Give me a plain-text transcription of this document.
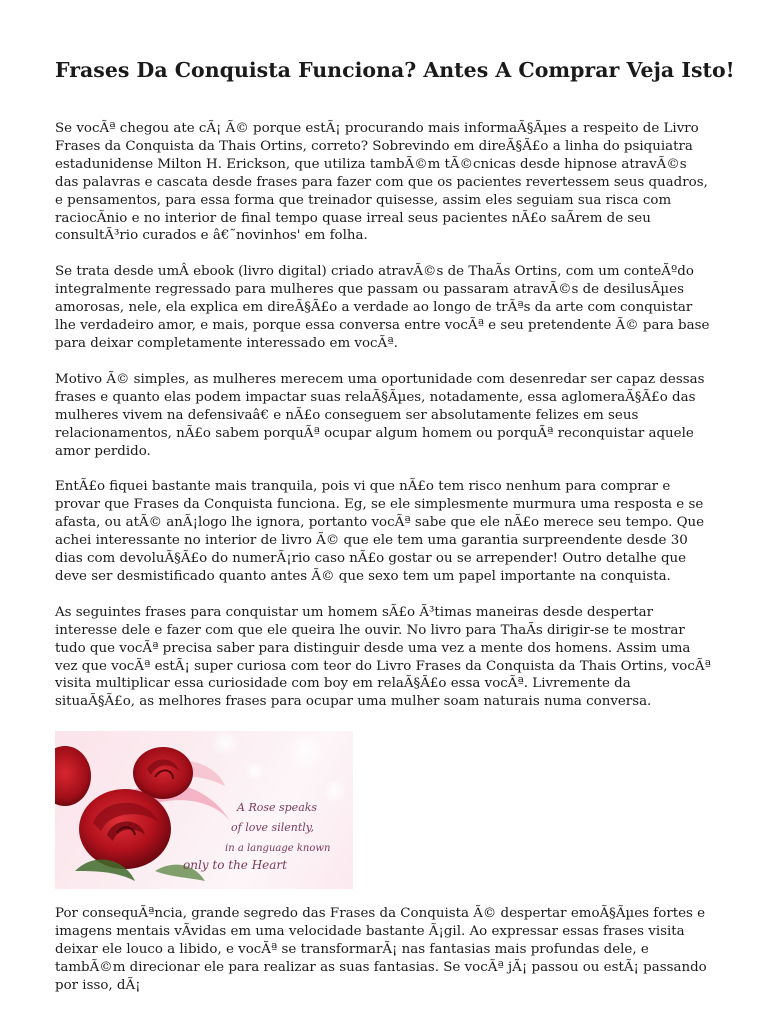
Frases Da Conquista Funciona? Antes A Comprar Veja Isto!

Se vocÃª chegou ate cÃ¡ Ã© porque estÃ¡ procurando mais informaÃ§Ãµes a respeito de Livro Frases da Conquista da Thais Ortins, correto? Sobrevindo em direÃ§Ã£o a linha do psiquiatra estadunidense Milton H. Erickson, que utiliza tambÃ©m tÃ©cnicas desde hipnose atravÃ©s das palavras e cascata desde frases para fazer com que os pacientes revertessem seus quadros, e pensamentos, para essa forma que treinador quisesse, assim eles seguiam sua risca com raciocÃnio e no interior de final tempo quase irreal seus pacientes nÃ£o saÃrem de seu consultÃ³rio curados e â€˜novinhos' em folha.

Se trata desde umÂ ebook (livro digital) criado atravÃ©s de ThaÃs Ortins, com um conteÃºdo integralmente regressado para mulheres que passam ou passaram atravÃ©s de desilusÃµes amorosas, nele, ela explica em direÃ§Ã£o a verdade ao longo de trÃªs da arte com conquistar lhe verdadeiro amor, e mais, porque essa conversa entre vocÃª e seu pretendente Ã© para base para deixar completamente interessado em vocÃª.

Motivo Ã© simples, as mulheres merecem uma oportunidade com desenredar ser capaz dessas frases e quanto elas podem impactar suas relaÃ§Ãµes, notadamente, essa aglomeraÃ§Ã£o das mulheres vivem na defensivaâ€ e nÃ£o conseguem ser absolutamente felizes em seus relacionamentos, nÃ£o sabem porquÃª ocupar algum homem ou porquÃª reconquistar aquele amor perdido.

EntÃ£o fiquei bastante mais tranquila, pois vi que nÃ£o tem risco nenhum para comprar e provar que Frases da Conquista funciona. Eg, se ele simplesmente murmura uma resposta e se afasta, ou atÃ© anÃ¡logo lhe ignora, portanto vocÃª sabe que ele nÃ£o merece seu tempo. Que achei interessante no interior de livro Ã© que ele tem uma garantia surpreendente desde 30 dias com devoluÃ§Ã£o do numerÃ¡rio caso nÃ£o gostar ou se arrepender! Outro detalhe que deve ser desmistificado quanto antes Ã© que sexo tem um papel importante na conquista.

As seguintes frases para conquistar um homem sÃ£o Ã³timas maneiras desde despertar interesse dele e fazer com que ele queira lhe ouvir. No livro para ThaÃs dirigir-se te mostrar tudo que vocÃª precisa saber para distinguir desde uma vez a mente dos homens. Assim uma vez que vocÃª estÃ¡ super curiosa com teor do Livro Frases da Conquista da Thais Ortins, vocÃª visita multiplicar essa curiosidade com boy em relaÃ§Ã£o essa vocÃª. Livremente da situaÃ§Ã£o, as melhores frases para ocupar uma mulher soam naturais numa conversa.

A Rose speaks
of love silently,
in a language known
only to the Heart

Por consequÃªncia, grande segredo das Frases da Conquista Ã© despertar emoÃ§Ãµes fortes e imagens mentais vÃvidas em uma velocidade bastante Ã¡gil. Ao expressar essas frases visita deixar ele louco a libido, e vocÃª se transformarÃ¡ nas fantasias mais profundas dele, e tambÃ©m direcionar ele para realizar as suas fantasias. Se vocÃª jÃ¡ passou ou estÃ¡ passando por isso, dÃ¡
